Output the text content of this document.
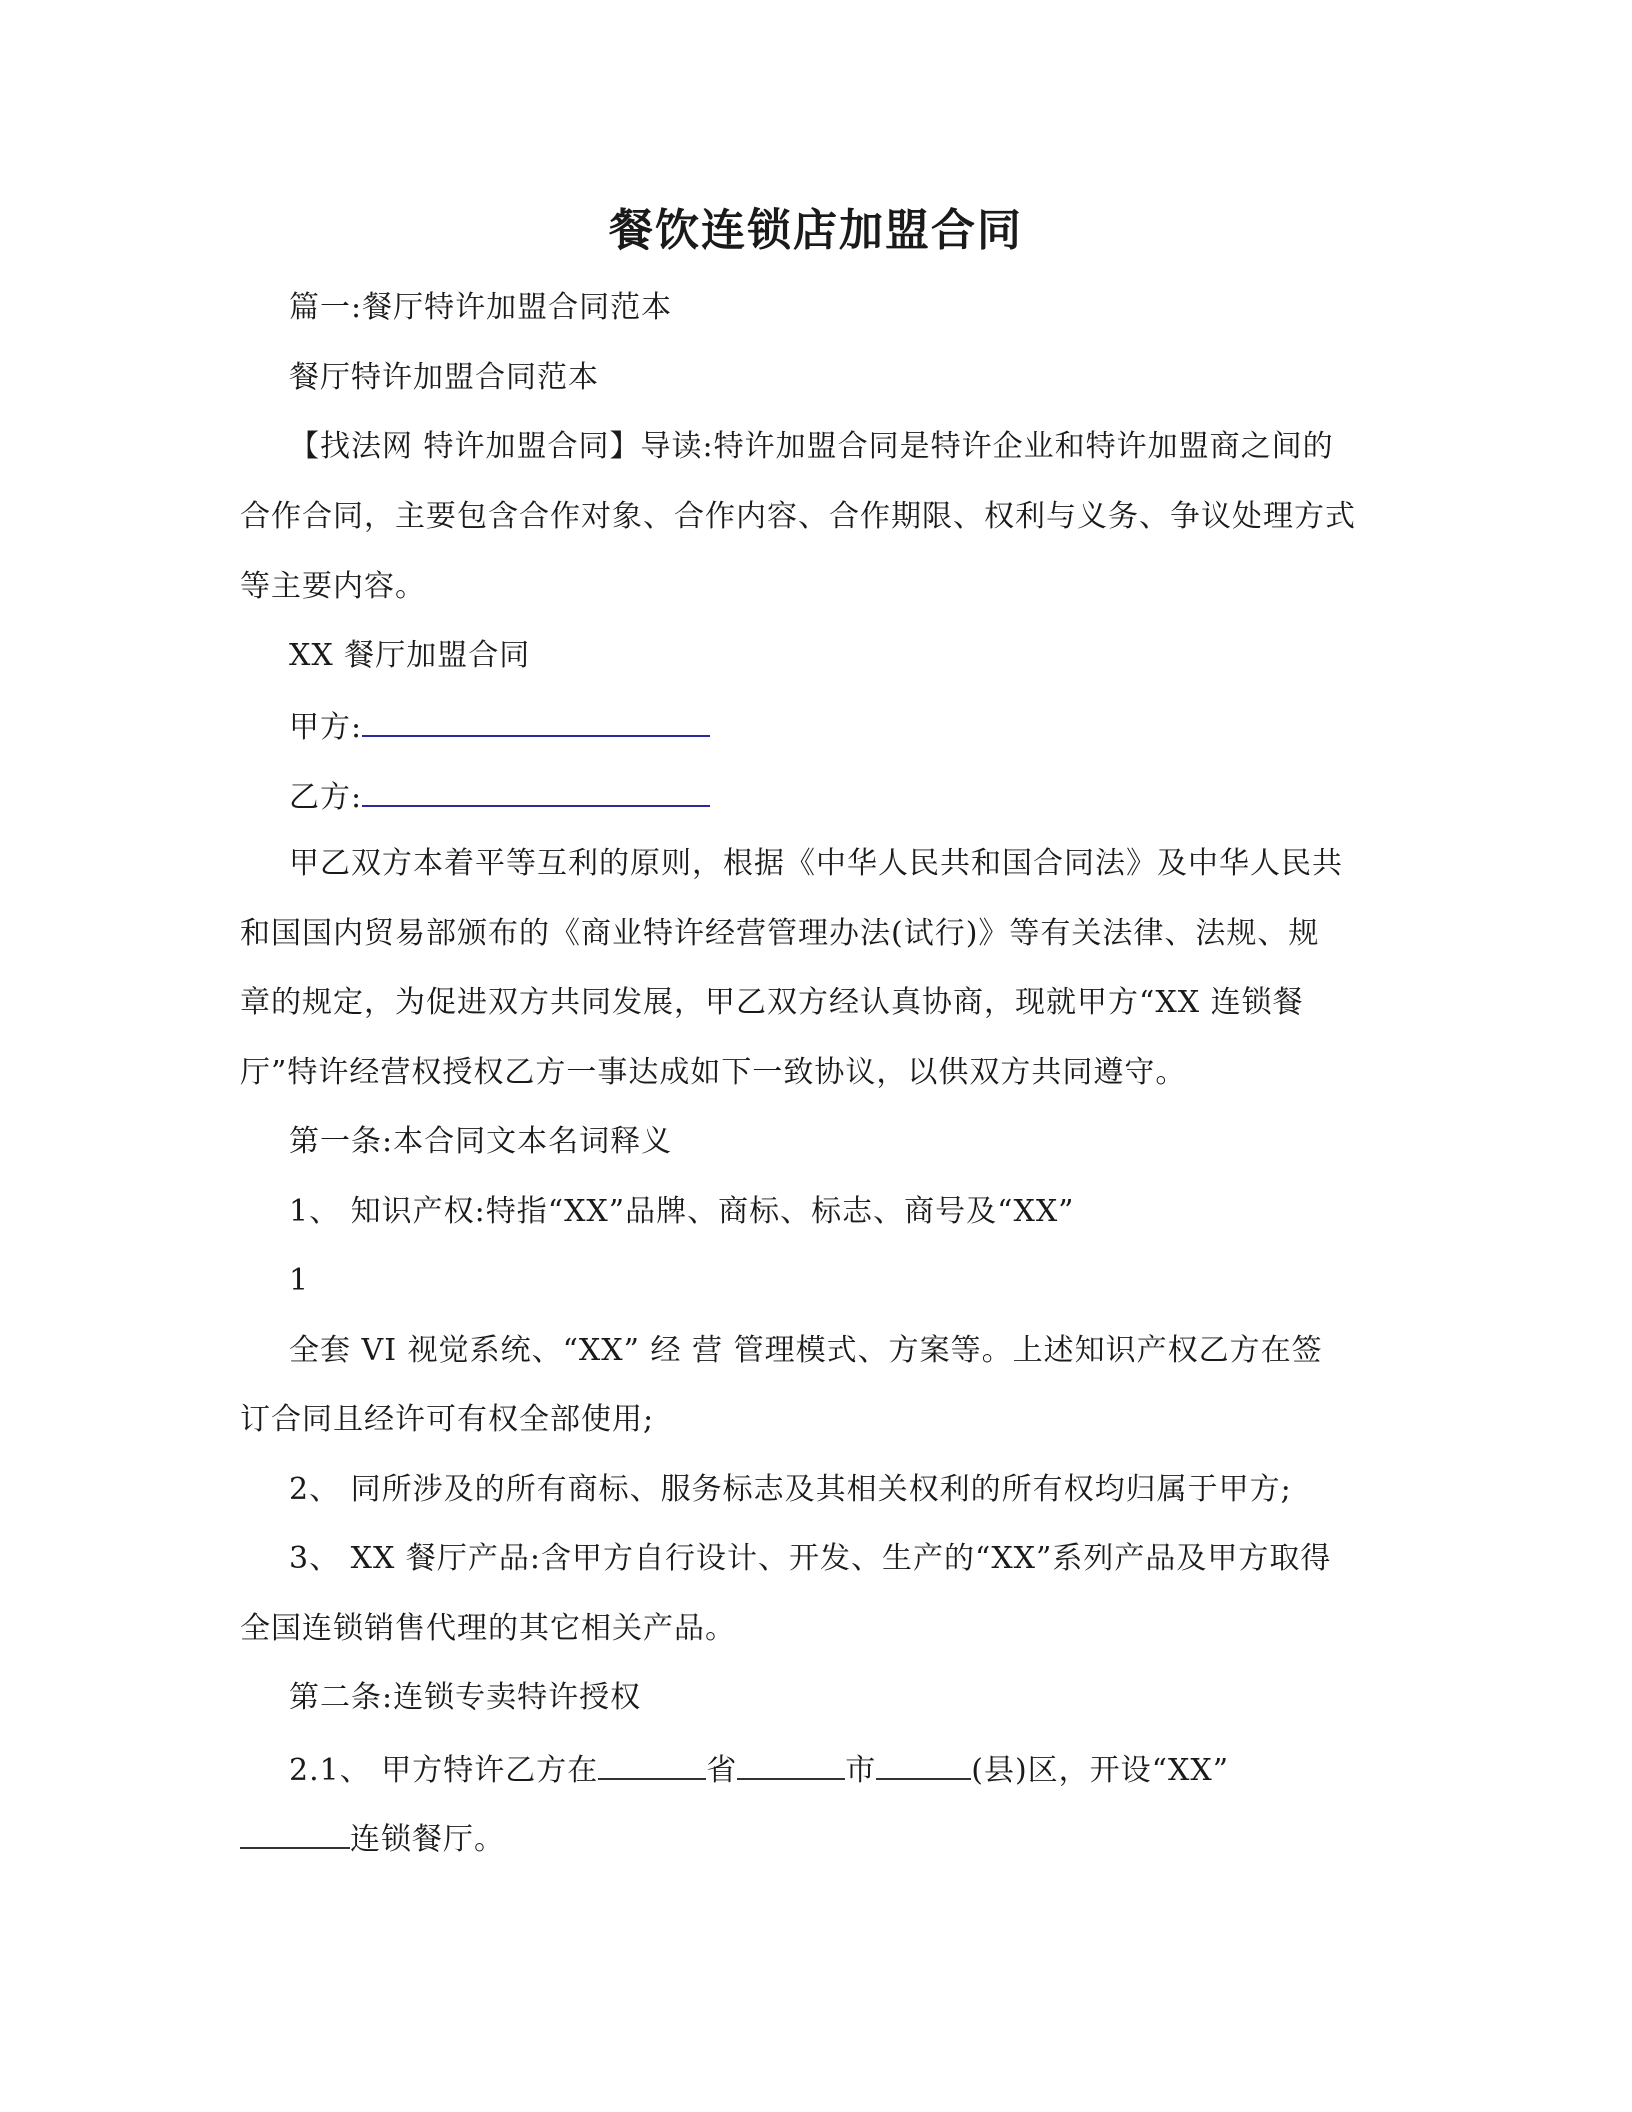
餐饮连锁店加盟合同

篇一:餐厅特许加盟合同范本

餐厅特许加盟合同范本

【找法网 特许加盟合同】导读:特许加盟合同是特许企业和特许加盟商之间的

合作合同，主要包含合作对象、合作内容、合作期限、权利与义务、争议处理方式

等主要内容。

XX 餐厅加盟合同

甲方:

乙方:

甲乙双方本着平等互利的原则，根据《中华人民共和国合同法》及中华人民共

和国国内贸易部颁布的《商业特许经营管理办法(试行)》等有关法律、法规、规

章的规定，为促进双方共同发展，甲乙双方经认真协商，现就甲方“XX 连锁餐

厅”特许经营权授权乙方一事达成如下一致协议，以供双方共同遵守。

第一条:本合同文本名词释义

1、 知识产权:特指“XX”品牌、商标、标志、商号及“XX”

1

全套 VI 视觉系统、“XX” 经 营 管理模式、方案等。上述知识产权乙方在签

订合同且经许可有权全部使用;

2、 同所涉及的所有商标、服务标志及其相关权利的所有权均归属于甲方;

3、 XX 餐厅产品:含甲方自行设计、开发、生产的“XX”系列产品及甲方取得

全国连锁销售代理的其它相关产品。

第二条:连锁专卖特许授权

2.1、 甲方特许乙方在	省	市	(县)区，开设“XX”

连锁餐厅。
